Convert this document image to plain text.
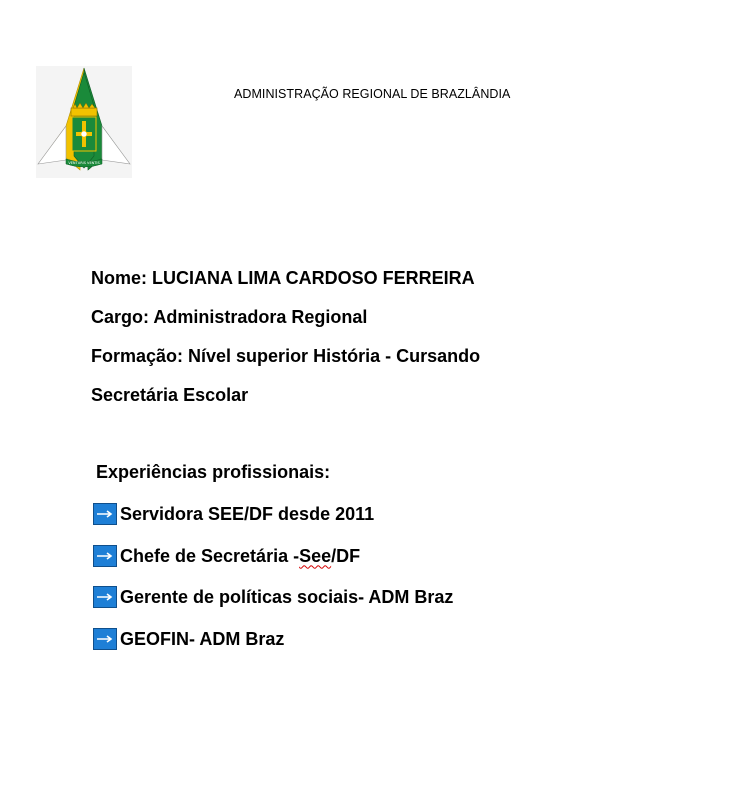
VENTURIS VENTIS
ADMINISTRAÇÃO REGIONAL DE BRAZLÂNDIA
Nome: LUCIANA LIMA CARDOSO FERREIRA
Cargo: Administradora Regional
Formação: Nível superior História - Cursando
Secretária Escolar
Experiências profissionais:
Servidora SEE/DF desde 2011
Chefe de Secretária - See /DF
Gerente de políticas sociais- ADM Braz
GEOFIN- ADM Braz
